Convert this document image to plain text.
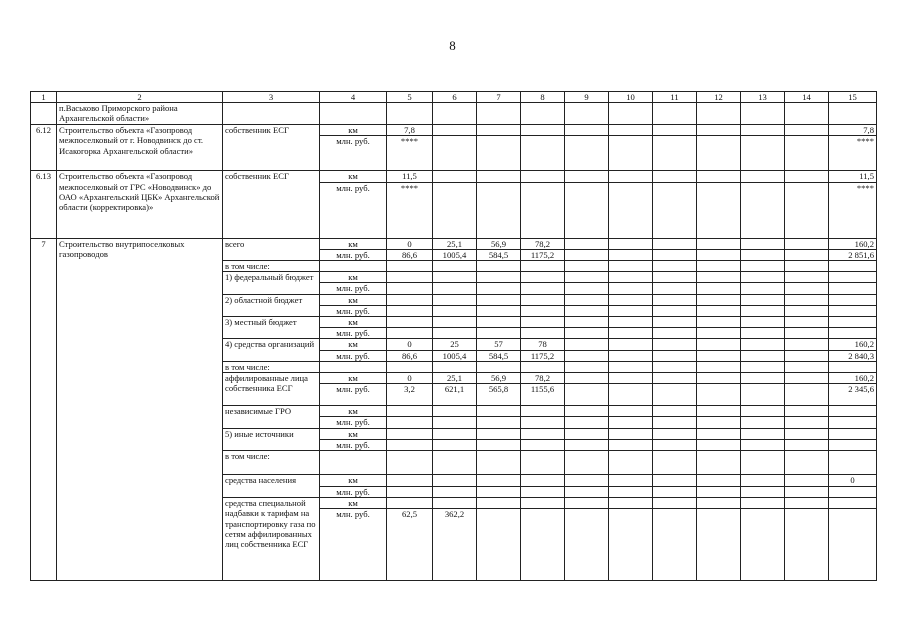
8
1	2	3	4	5	6	7	8	9	10	11	12	13	14	15	
	п.Васьково Приморского района Архангельской области»														
6.12	Строительство объекта «Газопровод межпоселковый от г. Новодвинск до ст. Исакогорка Архангельской области»	собственник ЕСГ	км	7,8										7,8	
			млн. руб.	****										****	
6.13	Строительство объекта «Газопровод межпоселковый от ГРС «Новодвинск» до ОАО «Архангельский ЦБК» Архангельской области (корректировка)»	собственник ЕСГ	км	11,5										11,5	
			млн. руб.	****										****	
7	Строительство внутрипоселковых газопроводов	всего	км	0	25,1	56,9	78,2							160,2	
			млн. руб.	86,6	1005,4	584,5	1175,2							2 851,6	
		в том числе:													
		1) федеральный бюджет	км												
			млн. руб.												
		2) областной бюджет	км												
			млн. руб.												
		3) местный бюджет	км												
			млн. руб.												
		4) средства организаций	км	0	25	57	78							160,2	
			млн. руб.	86,6	1005,4	584,5	1175,2							2 840,3	
		в том числе:													
		аффилированные лица собственника ЕСГ	км	0	25,1	56,9	78,2							160,2	
			млн. руб.	3,2	621,1	565,8	1155,6							2 345,6	
		независимые ГРО	км												
			млн. руб.												
		5) иные источники	км												
			млн. руб.												
		в том числе:													
		средства населения	км											0	
			млн. руб.												
		средства специальной надбавки к тарифам на транспортировку газа по сетям аффилированных лиц собственника ЕСГ	км												
			млн. руб.	62,5	362,2										
